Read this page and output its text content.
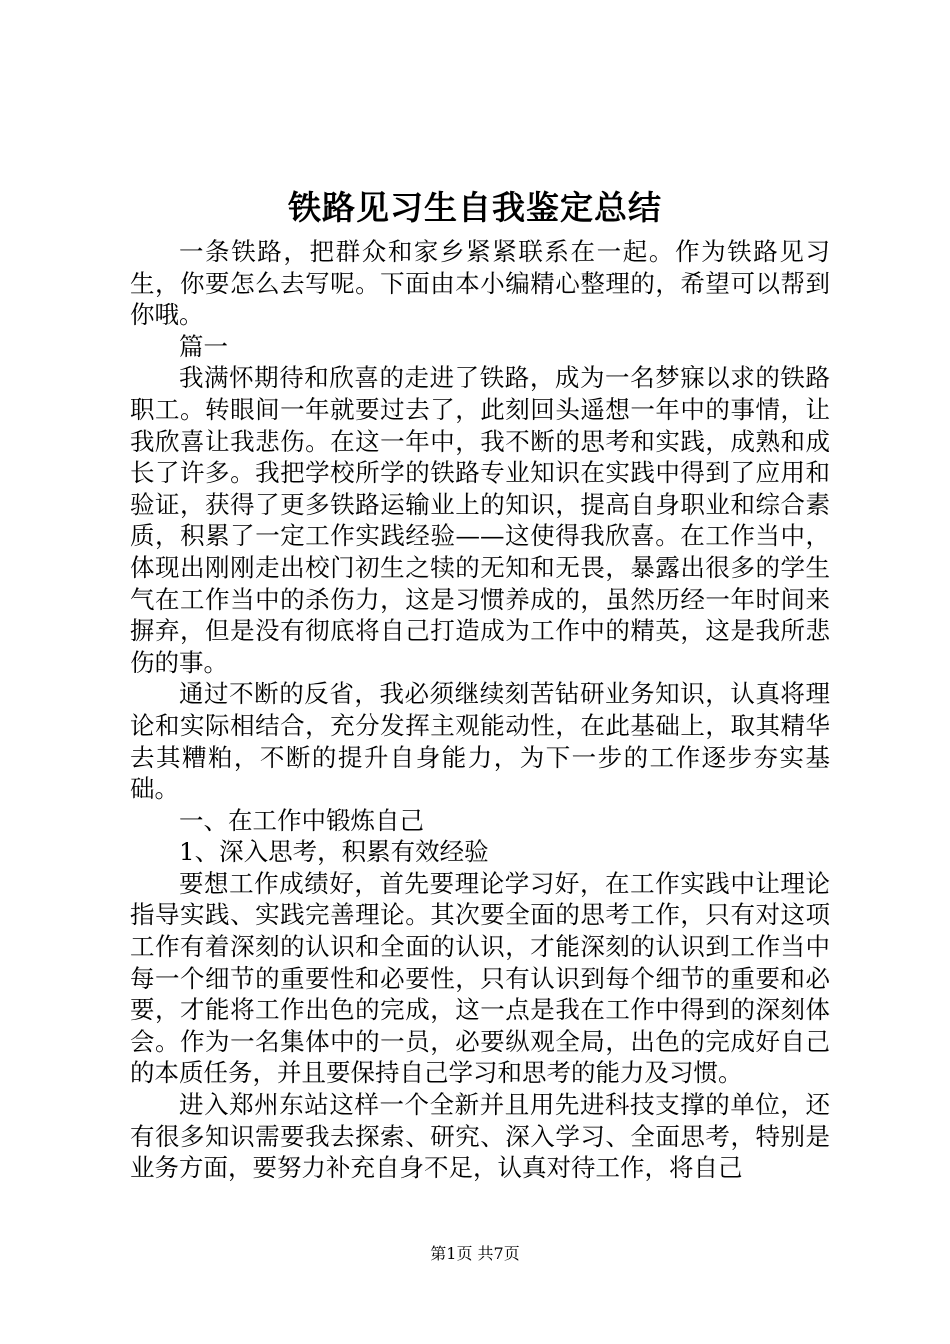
铁路见习生自我鉴定总结

一条铁路，把群众和家乡紧紧联系在一起。作为铁路见习生，你要怎么去写呢。下面由本小编精心整理的，希望可以帮到你哦。

篇一

我满怀期待和欣喜的走进了铁路，成为一名梦寐以求的铁路职工。转眼间一年就要过去了，此刻回头遥想一年中的事情，让我欣喜让我悲伤。在这一年中，我不断的思考和实践，成熟和成长了许多。我把学校所学的铁路专业知识在实践中得到了应用和验证，获得了更多铁路运输业上的知识，提高自身职业和综合素质，积累了一定工作实践经验——这使得我欣喜。在工作当中，体现出刚刚走出校门初生之犊的无知和无畏，暴露出很多的学生气在工作当中的杀伤力，这是习惯养成的，虽然历经一年时间来摒弃，但是没有彻底将自己打造成为工作中的精英，这是我所悲伤的事。

通过不断的反省，我必须继续刻苦钻研业务知识，认真将理论和实际相结合，充分发挥主观能动性，在此基础上，取其精华去其糟粕，不断的提升自身能力，为下一步的工作逐步夯实基础。

一、在工作中锻炼自己

1、深入思考，积累有效经验

要想工作成绩好，首先要理论学习好，在工作实践中让理论指导实践、实践完善理论。其次要全面的思考工作，只有对这项工作有着深刻的认识和全面的认识，才能深刻的认识到工作当中每一个细节的重要性和必要性，只有认识到每个细节的重要和必要，才能将工作出色的完成，这一点是我在工作中得到的深刻体会。作为一名集体中的一员，必要纵观全局，出色的完成好自己的本质任务，并且要保持自己学习和思考的能力及习惯。

进入郑州东站这样一个全新并且用先进科技支撑的单位，还有很多知识需要我去探索、研究、深入学习、全面思考，特别是业务方面，要努力补充自身不足，认真对待工作，将自己

第1页 共7页
